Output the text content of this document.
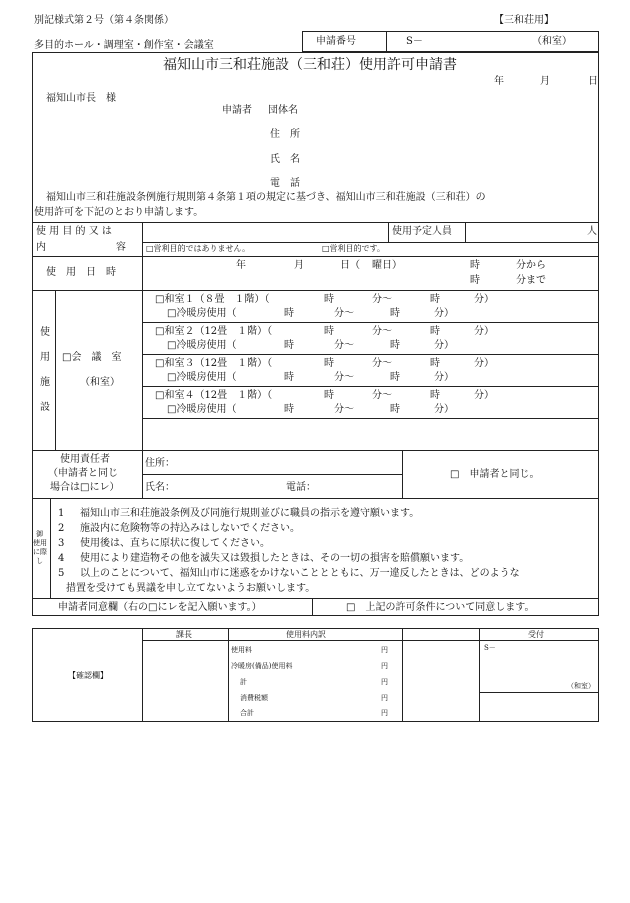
別記様式第２号（第４条関係）	【三和荘用】
多目的ホール・調理室・創作室・会議室	申請番号	S－	（和室）
福知山市三和荘施設（三和荘）使用許可申請書
年	月	日
福知山市長　様
申請者 団体名
住　所
氏　名
電　話
福知山市三和荘施設条例施行規則第４条第１項の規定に基づき、福知山市三和荘施設（三和荘）の
使用許可を下記のとおり申請します。
使 用 目 的 又 は
内　　　　　　　容
使用予定人員	人
□営利目的ではありません。	□営利目的です。
使　用　日　時
年	月	日（ 曜日）	時	分から
時	分まで
使
用
施
設
□会　議　室
（和室）
□和室１（８畳　１階）（	時	分～	時	分）
□冷暖房使用（	時	分～	時	分）
□和室２（12畳　１階）（	時	分～	時	分）
□冷暖房使用（	時	分～	時	分）
□和室３（12畳　１階）（	時	分～	時	分）
□冷暖房使用（	時	分～	時	分）
□和室４（12畳　１階）（	時	分～	時	分）
□冷暖房使用（	時	分～	時	分）
使用責任者
（申請者と同じ
場合は□にレ）
住所：
氏名：	電話：
□　申請者と同じ。
御
使用
に際
し
1 福知山市三和荘施設条例及び同施行規則並びに職員の指示を遵守願います。
2 施設内に危険物等の持込みはしないでください。
3 使用後は、直ちに原状に復してください。
4 使用により建造物その他を滅失又は毀損したときは、その一切の損害を賠償願います。
5 以上のことについて、福知山市に迷惑をかけないこととともに、万一違反したときは、どのような
措置を受けても異議を申し立てないようお願いします。
申請者同意欄（右の□にレを記入願います。）	□　上記の許可条件について同意します。
【確認欄】
課長	使用料内訳	受付
使用料	円
冷暖房(備品)使用料	円
計	円
消費税額	円
合計	円
S－
（和室）
